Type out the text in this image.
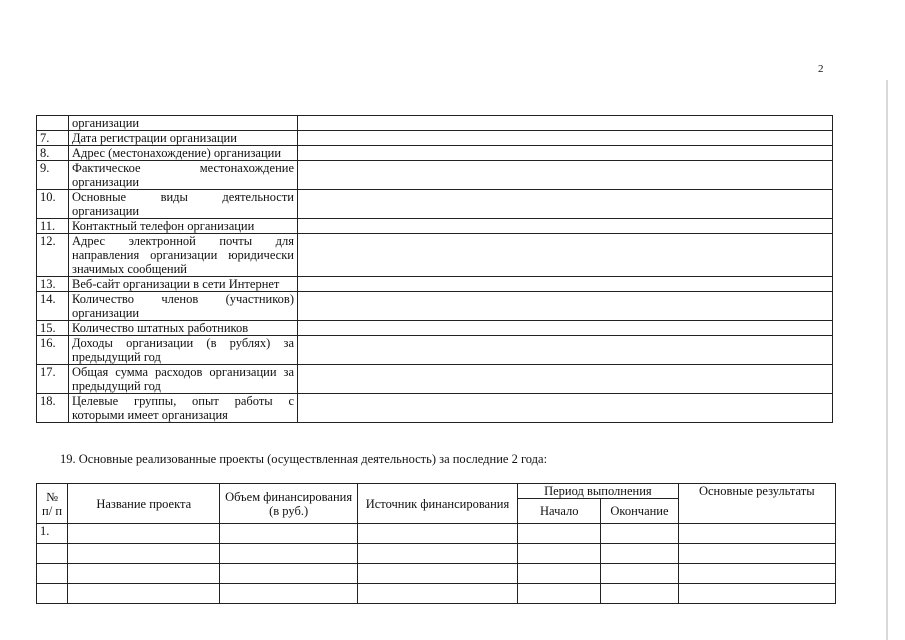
2
	организации	
7.	Дата регистрации организации	
8.	Адрес (местонахождение) организации	
9.	Фактическое местонахождение организации	
10.	Основные виды деятельности организации	
11.	Контактный телефон организации	
12.	Адрес электронной почты для направления организации юридически значимых сообщений	
13.	Веб-сайт организации в сети Интернет	
14.	Количество членов (участников) организации	
15.	Количество штатных работников	
16.	Доходы организации (в рублях) за предыдущий год	
17.	Общая сумма расходов организации за предыдущий год	
18.	Целевые группы, опыт работы с которыми имеет организация	
19. Основные реализованные проекты (осуществленная деятельность) за последние 2 года:
№ п/ п	Название проекта	Объем финансирования (в руб.)	Источник финансирования	Период выполнения		Основные результаты
				Начало	Окончание	
1.						
